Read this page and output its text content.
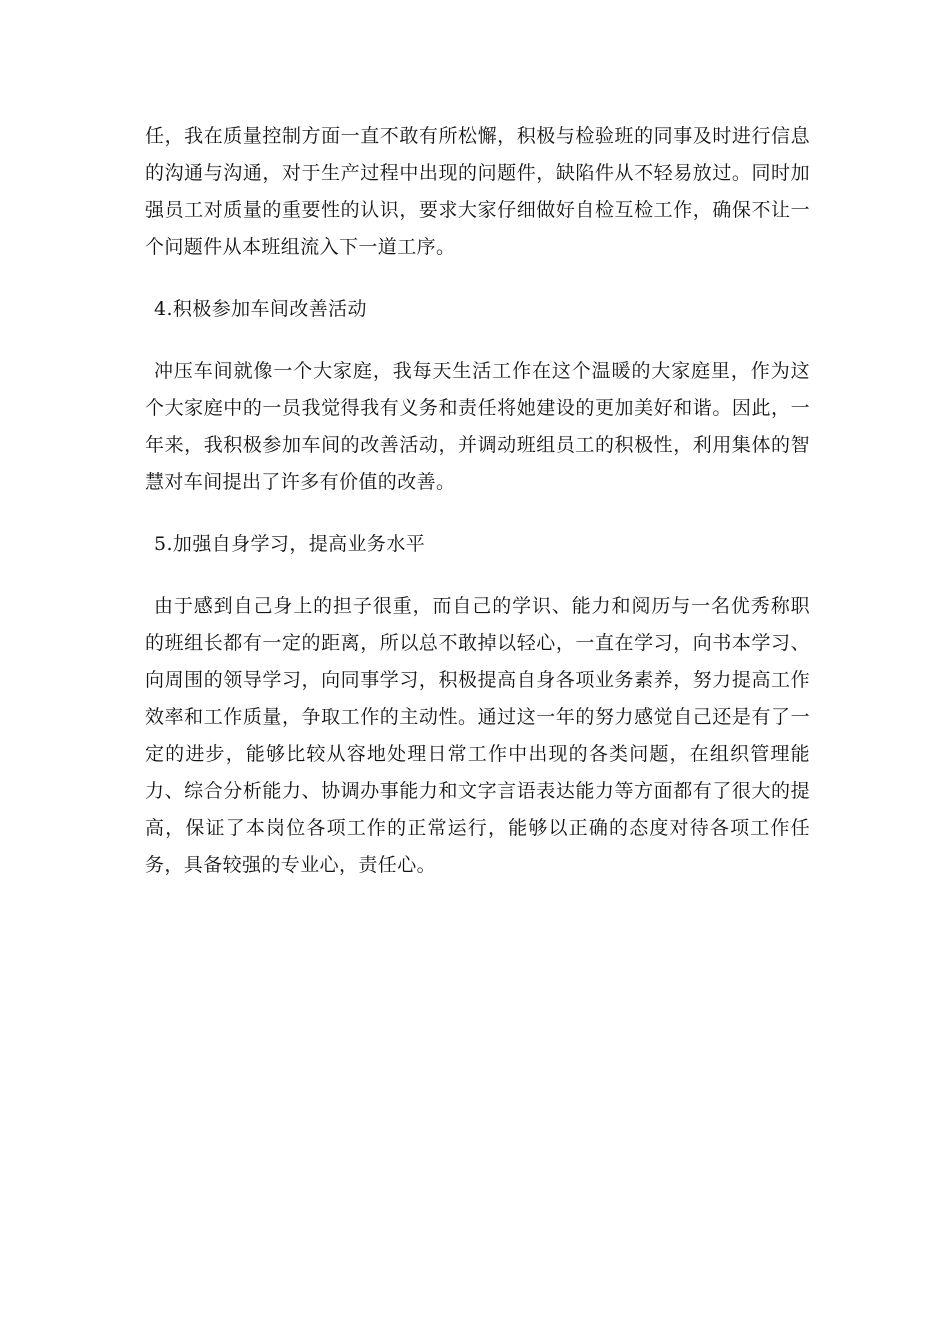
任，我在质量控制方面一直不敢有所松懈，积极与检验班的同事及时进行信息的沟通与沟通，对于生产过程中出现的问题件，缺陷件从不轻易放过。同时加强员工对质量的重要性的认识，要求大家仔细做好自检互检工作，确保不让一个问题件从本班组流入下一道工序。

4.积极参加车间改善活动

冲压车间就像一个大家庭，我每天生活工作在这个温暖的大家庭里，作为这个大家庭中的一员我觉得我有义务和责任将她建设的更加美好和谐。因此，一年来，我积极参加车间的改善活动，并调动班组员工的积极性，利用集体的智慧对车间提出了许多有价值的改善。

5.加强自身学习，提高业务水平

由于感到自己身上的担子很重，而自己的学识、能力和阅历与一名优秀称职的班组长都有一定的距离，所以总不敢掉以轻心，一直在学习，向书本学习、向周围的领导学习，向同事学习，积极提高自身各项业务素养，努力提高工作效率和工作质量，争取工作的主动性。通过这一年的努力感觉自己还是有了一定的进步，能够比较从容地处理日常工作中出现的各类问题，在组织管理能力、综合分析能力、协调办事能力和文字言语表达能力等方面都有了很大的提高，保证了本岗位各项工作的正常运行，能够以正确的态度对待各项工作任务，具备较强的专业心，责任心。
